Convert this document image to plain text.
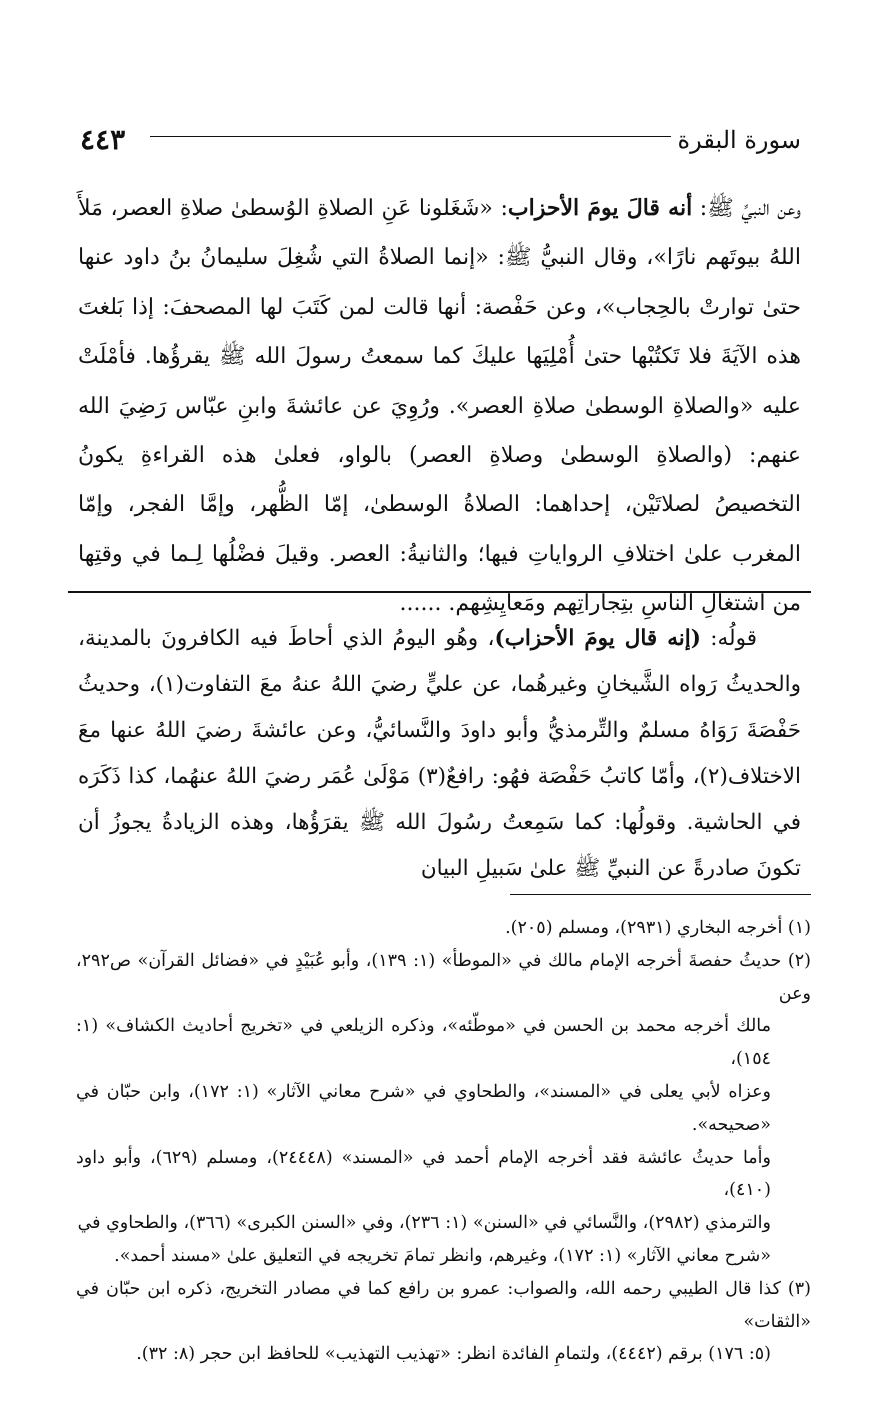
٤٤٣	سورة البقرة

وعن النبيِّ ﷺ: أنه قالَ يومَ الأحزاب: «شَغَلونا عَنِ الصلاةِ الوُسطىٰ صلاةِ العصر، مَلأَ اللهُ بيوتَهم نارًا»، وقال النبيُّ ﷺ: «إنما الصلاةُ التي شُغِلَ سليمانُ بنُ داود عنها حتىٰ توارتْ بالحِجاب»، وعن حَفْصة: أنها قالت لمن كَتَبَ لها المصحفَ: إذا بَلغتَ هذه الآيَةَ فلا تَكتُبْها حتىٰ أُمْلِيَها عليكَ كما سمعتُ رسولَ الله ﷺ يقرؤُها. فأمْلَتْ عليه «والصلاةِ الوسطىٰ صلاةِ العصر». ورُوِيَ عن عائشةَ وابنِ عبّاس رَضِيَ الله عنهم: (والصلاةِ الوسطىٰ وصلاةِ العصر) بالواو، فعلىٰ هذه القراءةِ يكونُ التخصيصُ لصلاتَيْن، إحداهما: الصلاةُ الوسطىٰ، إمّا الظُّهر، وإمَّا الفجر، وإمّا المغرب علىٰ اختلافِ الرواياتِ فيها؛ والثانيةُ: العصر. وقيلَ فضْلُها لِـما في وقتِها من اشتغالِ الناسِ بتِجاراتِهم ومَعايِشِهم. ......

قولُه: (إنه قال يومَ الأحزاب)، وهُو اليومُ الذي أحاطَ فيه الكافرونَ بالمدينة، والحديثُ رَواه الشَّيخانِ وغيرهُما، عن عليٍّ رضيَ اللهُ عنهُ معَ التفاوت(١)، وحديثُ حَفْصَةَ رَوَاهُ مسلمٌ والتِّرمذيُّ وأبو داودَ والنَّسائيُّ، وعن عائشةَ رضيَ اللهُ عنها معَ الاختلاف(٢)، وأمّا كاتبُ حَفْصَة فهُو: رافعٌ(٣) مَوْلَىٰ عُمَر رضيَ اللهُ عنهُما، كذا ذَكَرَه في الحاشية. وقولُها: كما سَمِعتُ رسُولَ الله ﷺ يقرَؤُها، وهذه الزيادةُ يجوزُ أن تكونَ صادرةً عن النبيِّ ﷺ علىٰ سَبيلِ البيان

(١) أخرجه البخاري (٢٩٣١)، ومسلم (٢٠٥).
(٢) حديثُ حفصةَ أخرجه الإمام مالك في «الموطأ» (١: ١٣٩)، وأبو عُبَيْدٍ في «فضائل القرآن» ص٢٩٢، وعن
مالك أخرجه محمد بن الحسن في «موطّئه»، وذكره الزيلعي في «تخريج أحاديث الكشاف» (١: ١٥٤)،
وعزاه لأبي يعلى في «المسند»، والطحاوي في «شرح معاني الآثار» (١: ١٧٢)، وابن حبّان في «صحيحه».
وأما حديثُ عائشة فقد أخرجه الإمام أحمد في «المسند» (٢٤٤٤٨)، ومسلم (٦٢٩)، وأبو داود (٤١٠)،
والترمذي (٢٩٨٢)، والنَّسائي في «السنن» (١: ٢٣٦)، وفي «السنن الكبرى» (٣٦٦)، والطحاوي في
«شرح معاني الآثار» (١: ١٧٢)، وغيرهم، وانظر تمامَ تخريجه في التعليق علىٰ «مسند أحمد».
(٣) كذا قال الطيبي رحمه الله، والصواب: عمرو بن رافع كما في مصادر التخريج، ذكره ابن حبّان في «الثقات»
(٥: ١٧٦) برقم (٤٤٤٢)، ولتمامِ الفائدة انظر: «تهذيب التهذيب» للحافظ ابن حجر (٨: ٣٢).
